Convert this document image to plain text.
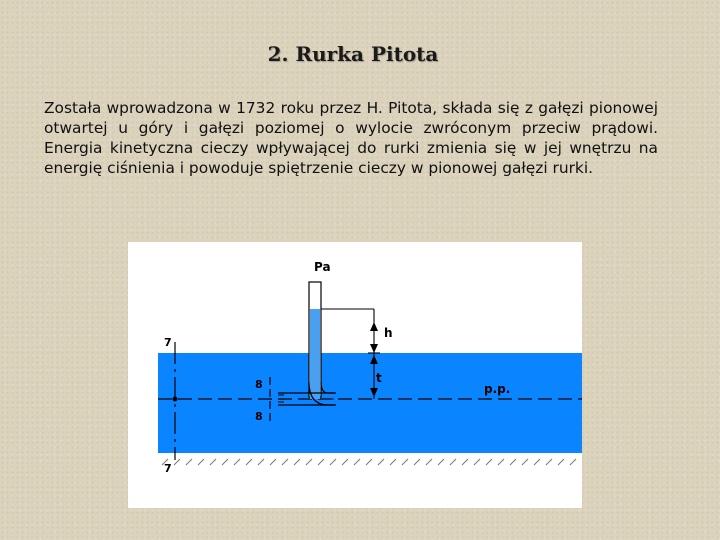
2. Rurka Pitota
Została wprowadzona w 1732 roku przez H. Pitota, składa się z gałęzi pionowej otwartej u góry i gałęzi poziomej o wylocie zwróconym przeciw prądowi. Energia kinetyczna cieczy wpływającej do rurki zmienia się w jej wnętrzu na energię ciśnienia i powoduje spiętrzenie cieczy w pionowej gałęzi rurki.
Pa
h
t
p.p.
7
7
8
8
